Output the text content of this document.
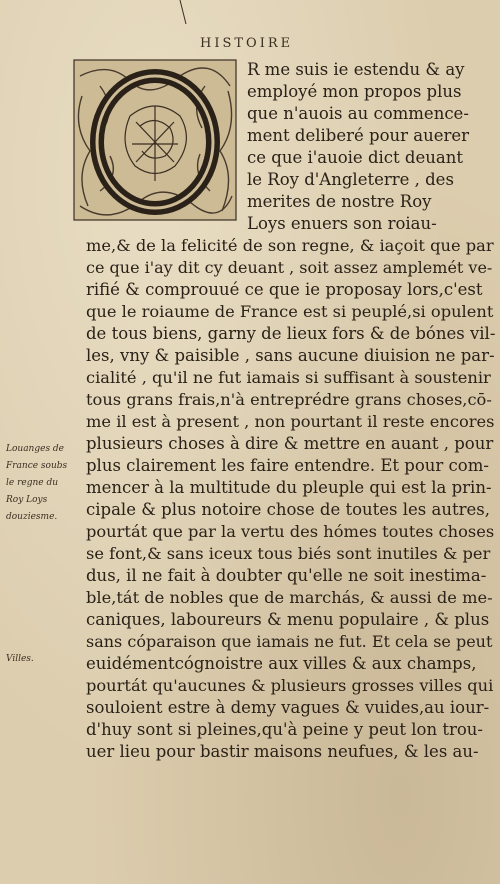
HISTOIRE
R me suis ie estendu & ay
employé mon propos plus
que n'auois au commence-
ment deliberé pour auerer
ce que i'auoie dict deuant
le Roy d'Angleterre , des
merites de nostre Roy
Loys enuers son roiau-
me,& de la felicité de son regne, & iaçoit que par
ce que i'ay dit cy deuant , soit assez amplemét ve-
rifié & comprouué ce que ie proposay lors,c'est
que le roiaume de France est si peuplé,si opulent
de tous biens, garny de lieux fors & de bónes vil-
les, vny & paisible , sans aucune diuision ne par-
cialité , qu'il ne fut iamais si suffisant à soustenir
tous grans frais,n'à entreprédre grans choses,cō-
me il est à present , non pourtant il reste encores
plusieurs choses à dire & mettre en auant , pour
plus clairement les faire entendre. Et pour com-
mencer à la multitude du pleuple qui est la prin-
cipale & plus notoire chose de toutes les autres,
pourtát que par la vertu des hómes toutes choses
se font,& sans iceux tous biés sont inutiles & per
dus, il ne fait à doubter qu'elle ne soit inestima-
ble,tát de nobles que de marchás, & aussi de me-
caniques, laboureurs & menu populaire , & plus
sans cóparaison que iamais ne fut. Et cela se peut
euidémentcógnoistre aux villes & aux champs,
pourtát qu'aucunes & plusieurs grosses villes qui
souloient estre à demy vagues & vuides,au iour-
d'huy sont si pleines,qu'à peine y peut lon trou-
uer lieu pour bastir maisons neufues, & les au-
Louanges de
France soubs
le regne du
Roy Loys
douziesme.
Villes.
